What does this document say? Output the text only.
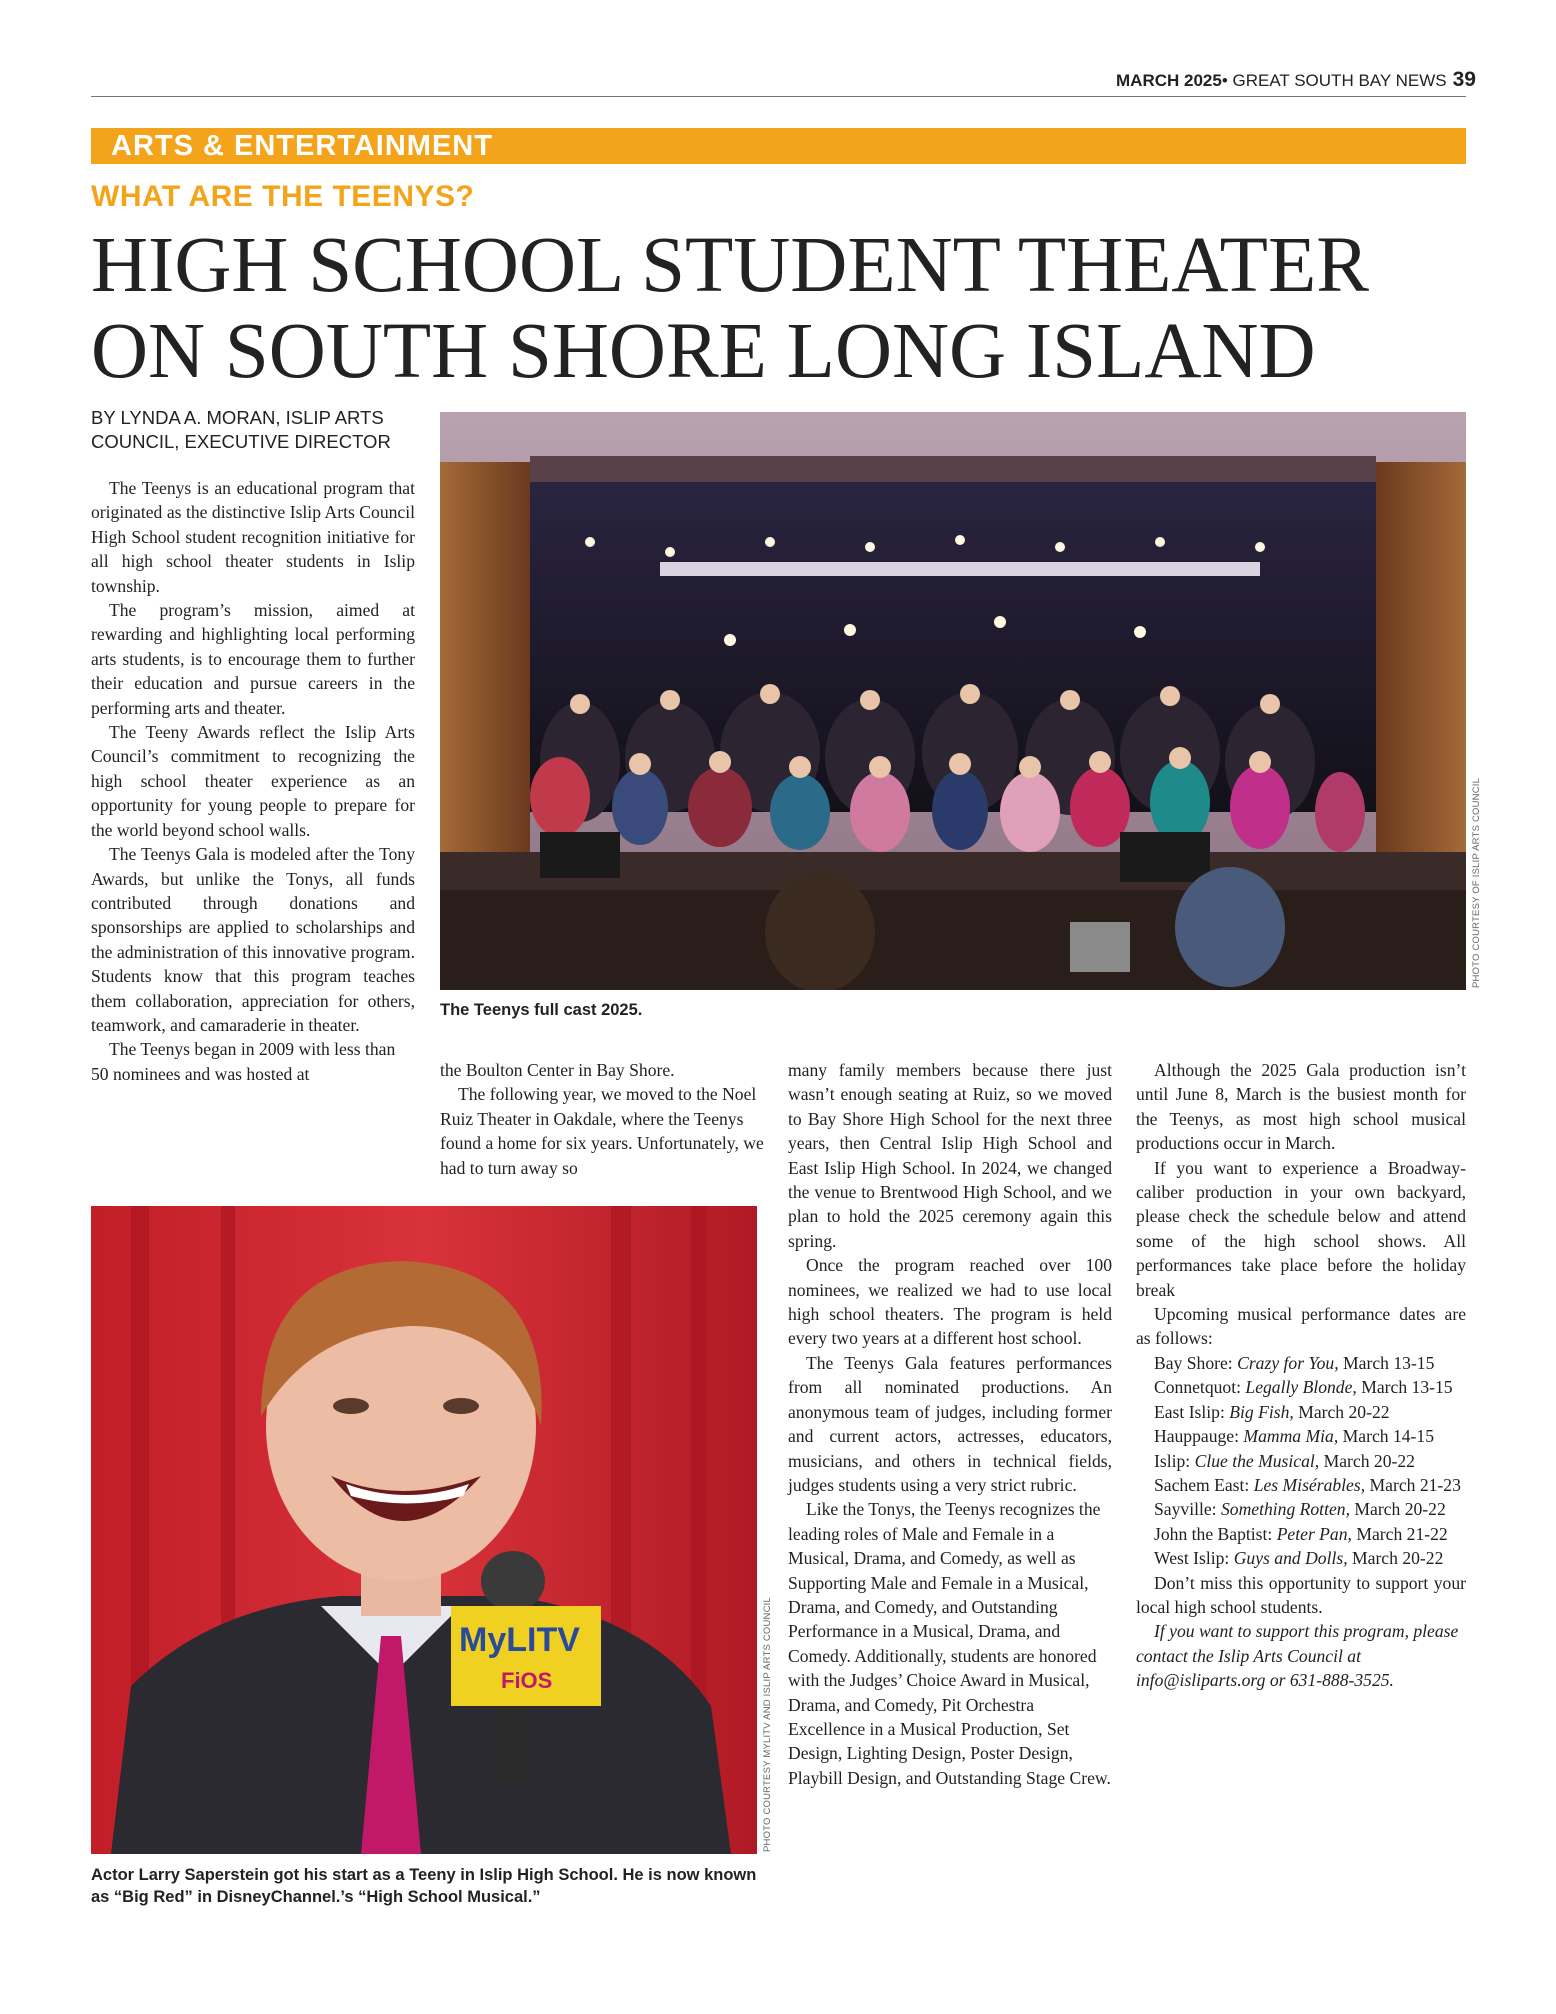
MARCH 2025• GREAT SOUTH BAY NEWS 39
ARTS & ENTERTAINMENT
WHAT ARE THE TEENYS?
HIGH SCHOOL STUDENT THEATER
ON SOUTH SHORE LONG ISLAND
BY LYNDA A. MORAN, ISLIP ARTS
COUNCIL, EXECUTIVE DIRECTOR

The Teenys is an educational program that originated as the distinctive Islip Arts Council High School student recognition initiative for all high school theater students in Islip township.

The program’s mission, aimed at rewarding and highlighting local performing arts students, is to encourage them to further their education and pursue careers in the performing arts and theater.

The Teeny Awards reflect the Islip Arts Council’s commitment to recognizing the high school theater experience as an opportunity for young people to prepare for the world beyond school walls.

The Teenys Gala is modeled after the Tony Awards, but unlike the Tonys, all funds contributed through donations and sponsorships are applied to scholarships and the administration of this innovative program. Students know that this program teaches them collaboration, appreciation for others, teamwork, and camaraderie in theater.

The Teenys began in 2009 with less than 50 nominees and was hosted at

PHOTO COURTESY OF ISLIP ARTS COUNCIL
The Teenys full cast 2025.

the Boulton Center in Bay Shore.

The following year, we moved to the Noel Ruiz Theater in Oakdale, where the Teenys found a home for six years. Unfortunately, we had to turn away so

many family members because there just wasn’t enough seating at Ruiz, so we moved to Bay Shore High School for the next three years, then Central Islip High School and East Islip High School. In 2024, we changed the venue to Brentwood High School, and we plan to hold the 2025 ceremony again this spring.

Once the program reached over 100 nominees, we realized we had to use local high school theaters. The program is held every two years at a different host school.

The Teenys Gala features performances from all nominated productions. An anonymous team of judges, including former and current actors, actresses, educators, musicians, and others in technical fields, judges students using a very strict rubric.

Like the Tonys, the Teenys recognizes the leading roles of Male and Female in a Musical, Drama, and Comedy, as well as Supporting Male and Female in a Musical, Drama, and Comedy, and Outstanding Performance in a Musical, Drama, and Comedy. Additionally, students are honored with the Judges’ Choice Award in Musical, Drama, and Comedy, Pit Orchestra Excellence in a Musical Production, Set Design, Lighting Design, Poster Design, Playbill Design, and Outstanding Stage Crew.

Although the 2025 Gala production isn’t until June 8, March is the busiest month for the Teenys, as most high school musical productions occur in March.

If you want to experience a Broadway-caliber production in your own backyard, please check the schedule below and attend some of the high school shows. All performances take place before the holiday break

Upcoming musical performance dates are as follows:

Bay Shore: Crazy for You, March 13-15

Connetquot: Legally Blonde, March 13-15

East Islip: Big Fish, March 20-22

Hauppauge: Mamma Mia, March 14-15

Islip: Clue the Musical, March 20-22

Sachem East: Les Misérables, March 21-23

Sayville: Something Rotten, March 20-22

John the Baptist: Peter Pan, March 21-22

West Islip: Guys and Dolls, March 20-22

Don’t miss this opportunity to support your local high school students.

If you want to support this program, please contact the Islip Arts Council at info@isliparts.org or 631-888-3525.

MyLITV
FiOS	PHOTO COURTESY MYLITV AND ISLIP ARTS COUNCIL
Actor Larry Saperstein got his start as a Teeny in Islip High School. He is now known as “Big Red” in DisneyChannel.’s “High School Musical.”
